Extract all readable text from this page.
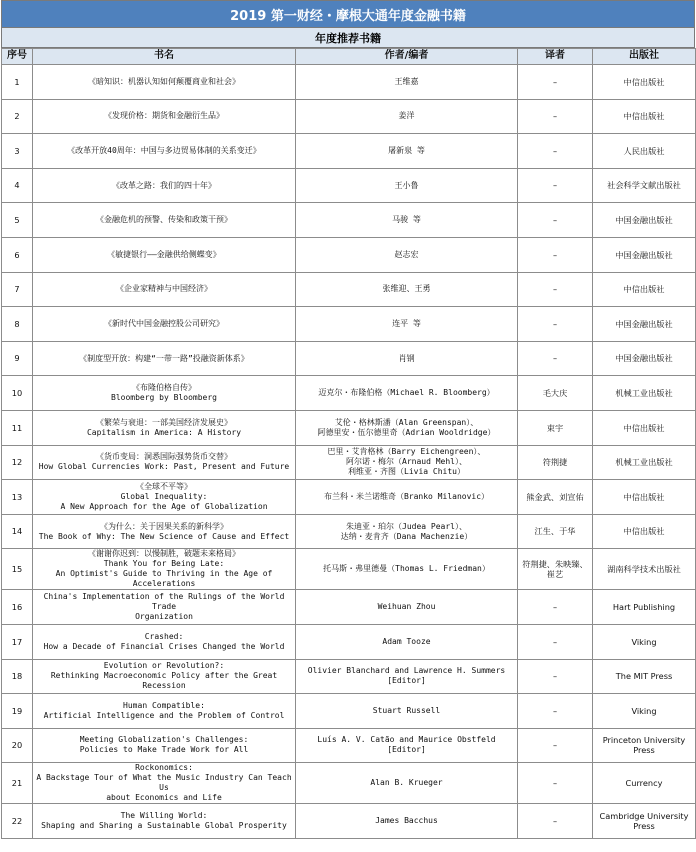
2019 第一财经・摩根大通年度金融书籍
年度推荐书籍
序号	书名	作者/编者	译者	出版社
1	《暗知识：机器认知如何颠覆商业和社会》	王维嘉	–	中信出版社
2	《发现价格：期货和金融衍生品》	姜洋	–	中信出版社
3	《改革开放40周年：中国与多边贸易体制的关系变迁》	屠新泉 等	–	人民出版社
4	《改革之路：我们的四十年》	王小鲁	–	社会科学文献出版社
5	《金融危机的预警、传染和政策干预》	马骏 等	–	中国金融出版社
6	《敏捷银行——金融供给侧蝶变》	赵志宏	–	中国金融出版社
7	《企业家精神与中国经济》	张维迎、王勇	–	中信出版社
8	《新时代中国金融控股公司研究》	连平 等	–	中国金融出版社
9	《制度型开放：构建“一带一路”投融资新体系》	肖钢	–	中国金融出版社
10	《布隆伯格自传》
Bloomberg by Bloomberg	迈克尔・布隆伯格（Michael R. Bloomberg）	毛大庆	机械工业出版社
11	《繁荣与衰退：一部美国经济发展史》
Capitalism in America: A History	艾伦・格林斯潘（Alan Greenspan）、
阿德里安・伍尔德里奇（Adrian Wooldridge）	束宇	中信出版社
12	《货币变局：洞悉国际强势货币交替》
How Global Currencies Work: Past, Present and Future	巴里・艾肯格林（Barry Eichengreen）、
阿尔诺・梅尔（Arnaud Mehl）、
利维亚・齐图（Livia Chitu）	符荆捷	机械工业出版社
13	《全球不平等》
Global Inequality:
A New Approach for the Age of Globalization	布兰科・米兰诺维奇（Branko Milanovic）	熊金武、刘宣佑	中信出版社
14	《为什么：关于因果关系的新科学》
The Book of Why: The New Science of Cause and Effect	朱迪亚・珀尔（Judea Pearl）、
达纳・麦肯齐（Dana Machenzie）	江生、于华	中信出版社
15	《谢谢你迟到：以慢制胜，破题未来格局》
Thank You for Being Late:
An Optimist's Guide to Thriving in the Age of
Accelerations	托马斯・弗里德曼（Thomas L. Friedman）	符荆捷、朱映臻、崔艺	湖南科学技术出版社
16	China's Implementation of the Rulings of the World Trade
Organization	Weihuan Zhou	–	Hart Publishing
17	Crashed:
How a Decade of Financial Crises Changed the World	Adam Tooze	–	Viking
18	Evolution or Revolution?:
Rethinking Macroeconomic Policy after the Great Recession	Olivier Blanchard and Lawrence H. Summers
[Editor]	–	The MIT Press
19	Human Compatible:
Artificial Intelligence and the Problem of Control	Stuart Russell	–	Viking
20	Meeting Globalization's Challenges:
Policies to Make Trade Work for All	Luís A. V. Catão and Maurice Obstfeld
[Editor]	–	Princeton University
Press
21	Rockonomics:
A Backstage Tour of What the Music Industry Can Teach Us
about Economics and Life	Alan B. Krueger	–	Currency
22	The Willing World:
Shaping and Sharing a Sustainable Global Prosperity	James Bacchus	–	Cambridge University
Press
